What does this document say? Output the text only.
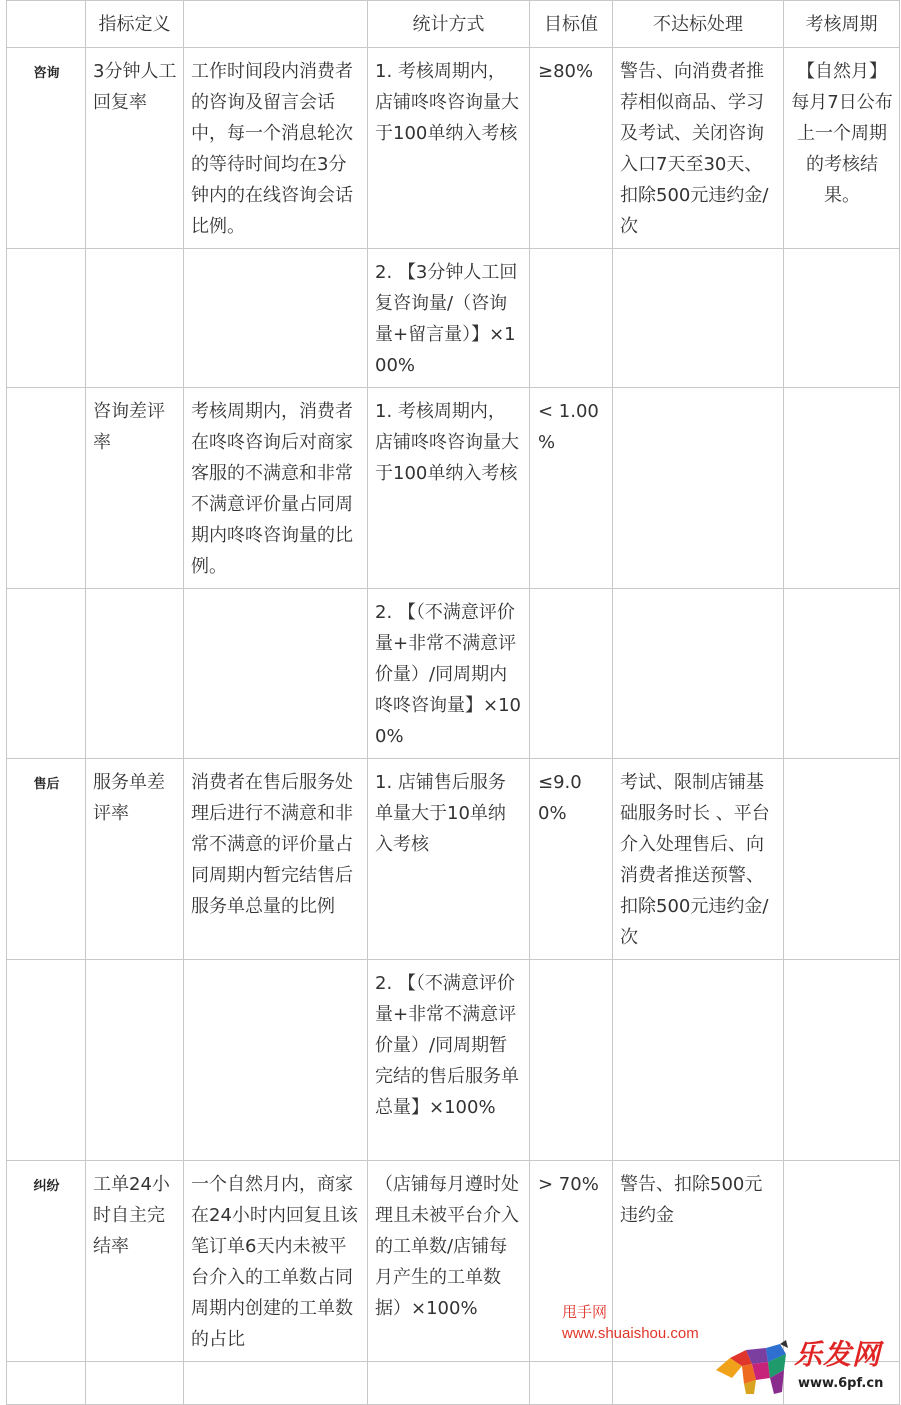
	指标定义		统计方式	目标值	不达标处理	考核周期
咨询	3分钟人工回复率	工作时间段内消费者的咨询及留言会话中，每一个消息轮次的等待时间均在3分钟内的在线咨询会话比例。	1. 考核周期内，店铺咚咚咨询量大于100单纳入考核	≥80%	警告、向消费者推荐相似商品、学习及考试、关闭咨询入口7天至30天、扣除500元违约金/次	【自然月】每月7日公布上一个周期的考核结果。
			2. 【3分钟人工回复咨询量/（咨询量+留言量）】×100%			
	咨询差评率	考核周期内，消费者在咚咚咨询后对商家客服的不满意和非常不满意评价量占同周期内咚咚咨询量的比例。	1. 考核周期内，店铺咚咚咨询量大于100单纳入考核	< 1.00 %		
			2. 【（不满意评价量+非常不满意评价量）/同周期内咚咚咨询量】×100%			
售后	服务单差评率	消费者在售后服务处理后进行不满意和非常不满意的评价量占同周期内暂完结售后服务单总量的比例	1. 店铺售后服务单量大于10单纳入考核	≤9.00%	考试、限制店铺基础服务时长 、平台介入处理售后、向消费者推送预警、扣除500元违约金/次	
			2. 【（不满意评价量+非常不满意评价量）/同周期暂完结的售后服务单总量】×100%			
纠纷	工单24小时自主完结率	一个自然月内，商家在24小时内回复且该笔订单6天内未被平台介入的工单数占同周期内创建的工单数的占比	（店铺每月遵时处理且未被平台介入的工单数/店铺每月产生的工单数据）×100%	> 70%	警告、扣除500元违约金	

甩手网
www.shuaishou.com
乐发网
www.6pf.cn
